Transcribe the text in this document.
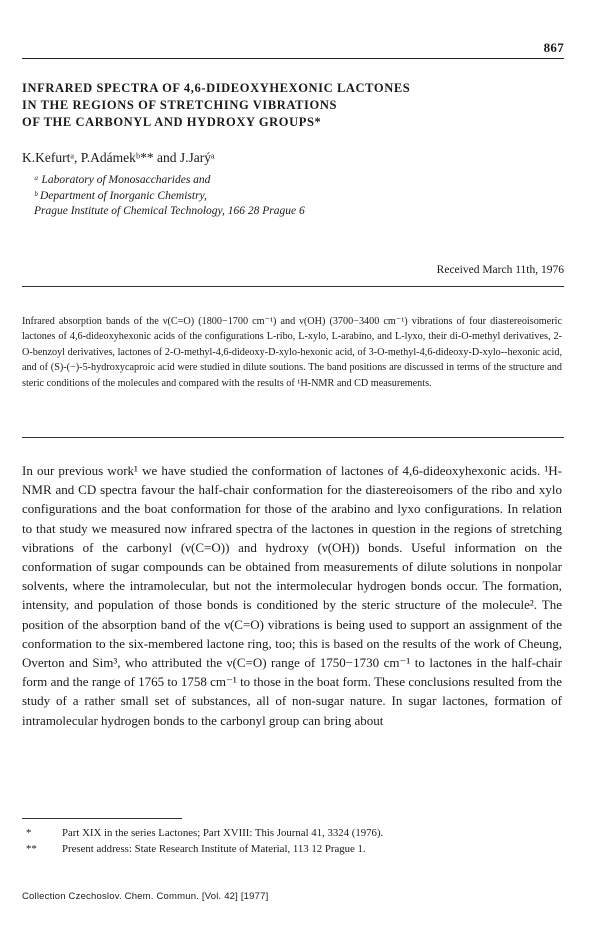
867
INFRARED SPECTRA OF 4,6-DIDEOXYHEXONIC LACTONES
IN THE REGIONS OF STRETCHING VIBRATIONS
OF THE CARBONYL AND HYDROXY GROUPS*
K.Kefurtᵃ, P.Adámekᵇ** and J.Jarýᵃ
ᵃ Laboratory of Monosaccharides and
ᵇ Department of Inorganic Chemistry,
Prague Institute of Chemical Technology, 166 28 Prague 6
Received March 11th, 1976
Infrared absorption bands of the ν(C=O) (1800−1700 cm⁻¹) and ν(OH) (3700−3400 cm⁻¹) vibrations of four diastereoisomeric lactones of 4,6-dideoxyhexonic acids of the configurations L-ribo, L-xylo, L-arabino, and L-lyxo, their di-O-methyl derivatives, 2-O-benzoyl derivatives, lactones of 2-O-methyl-4,6-dideoxy-D-xylo-hexonic acid, of 3-O-methyl-4,6-dideoxy-D-xylo--hexonic acid, and of (S)-(−)-5-hydroxycaproic acid were studied in dilute soutions. The band positions are discussed in terms of the structure and steric conditions of the molecules and compared with the results of ¹H-NMR and CD measurements.

In our previous work¹ we have studied the conformation of lactones of 4,6-dideoxyhexonic acids. ¹H-NMR and CD spectra favour the half-chair conformation for the diastereoisomers of the ribo and xylo configurations and the boat conformation for those of the arabino and lyxo configurations. In relation to that study we measured now infrared spectra of the lactones in question in the regions of stretching vibrations of the carbonyl (ν(C=O)) and hydroxy (ν(OH)) bonds. Useful information on the conformation of sugar compounds can be obtained from measurements of dilute solutions in nonpolar solvents, where the intramolecular, but not the intermolecular hydrogen bonds occur. The formation, intensity, and population of those bonds is conditioned by the steric structure of the molecule². The position of the absorption band of the ν(C=O) vibrations is being used to support an assignment of the conformation to the six-membered lactone ring, too; this is based on the results of the work of Cheung, Overton and Sim³, who attributed the ν(C=O) range of 1750−1730 cm⁻¹ to lactones in the half-chair form and the range of 1765 to 1758 cm⁻¹ to those in the boat form. These conclusions resulted from the study of a rather small set of substances, all of non-sugar nature. In sugar lactones, formation of intramolecular hydrogen bonds to the carbonyl group can bring about

*	Part XIX in the series Lactones; Part XVIII: This Journal 41, 3324 (1976).
** Present address: State Research Institute of Material, 113 12 Prague 1.
Collection Czechoslov. Chem. Commun. [Vol. 42] [1977]
